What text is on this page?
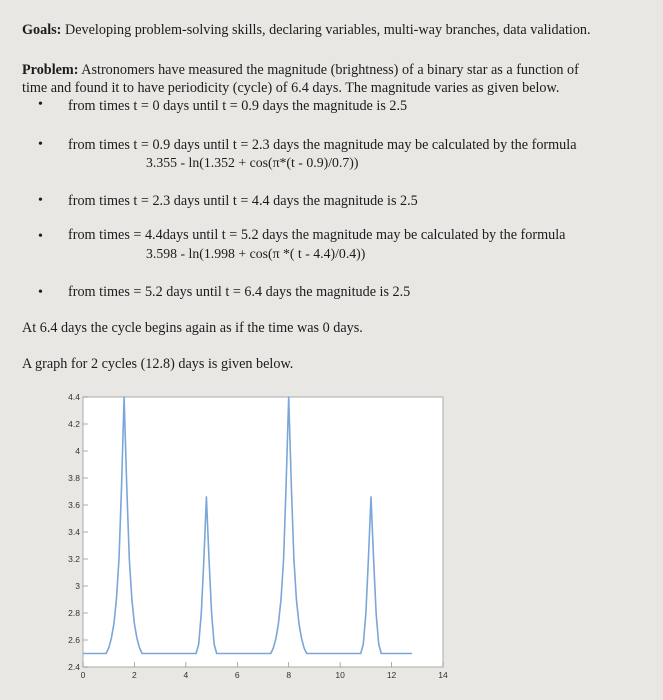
Goals: Developing problem-solving skills, declaring variables, multi-way branches, data validation.
Problem: Astronomers have measured the magnitude (brightness) of a binary star as a function of
time and found it to have periodicity (cycle) of 6.4 days. The magnitude varies as given below.
• from times t = 0 days until t = 0.9 days the magnitude is 2.5
• from times t = 0.9 days until t = 2.3 days the magnitude may be calculated by the formula
3.355 - ln(1.352 + cos(π*(t - 0.9)/0.7))
• from times t = 2.3 days until t = 4.4 days the magnitude is 2.5
• from times = 4.4days until t = 5.2 days the magnitude may be calculated by the formula
3.598 - ln(1.998 + cos(π *( t - 4.4)/0.4))
• from times = 5.2 days until t = 6.4 days the magnitude is 2.5
At 6.4 days the cycle begins again as if the time was 0 days.
A graph for 2 cycles (12.8) days is given below.
2.4
2.6
2.8
3
3.2
3.4
3.6
3.8
4
4.2
4.4
0	2	4	6	8	10	12	14
